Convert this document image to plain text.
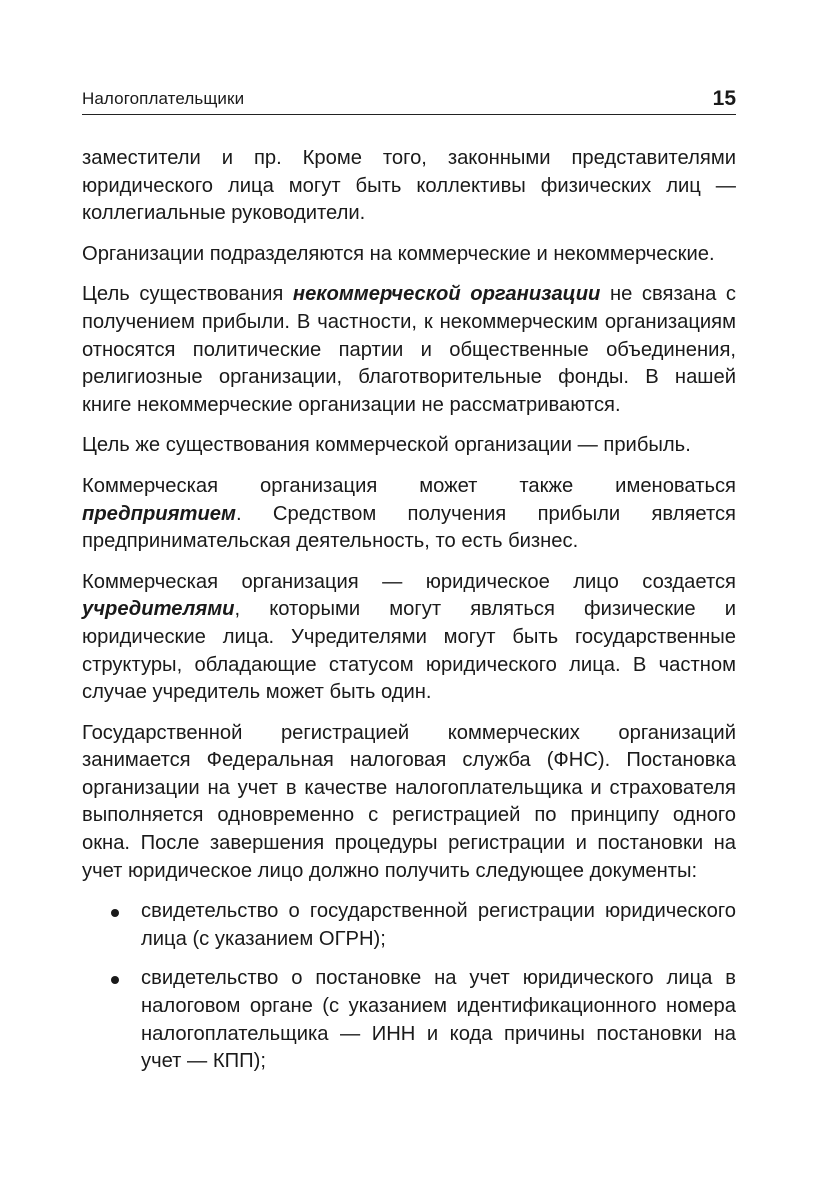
Налогоплательщики	15

заместители и пр. Кроме того, законными представителями юридического лица могут быть коллективы физических лиц — коллегиальные руководители.

Организации подразделяются на коммерческие и некоммерческие.

Цель существования некоммерческой организации не связана с получением прибыли. В частности, к некоммерческим организациям относятся политические партии и общественные объединения, религиозные организации, благотворительные фонды. В нашей книге некоммерческие организации не рассматриваются.

Цель же существования коммерческой организации — прибыль.

Коммерческая организация может также именоваться предприятием. Средством получения прибыли является предпринимательская деятельность, то есть бизнес.

Коммерческая организация — юридическое лицо создается учредителями, которыми могут являться физические и юридические лица. Учредителями могут быть государственные структуры, обладающие статусом юридического лица. В частном случае учредитель может быть один.

Государственной регистрацией коммерческих организаций занимается Федеральная налоговая служба (ФНС). Постановка организации на учет в качестве налогоплательщика и страхователя выполняется одновременно с регистрацией по принципу одного окна. После завершения процедуры регистрации и постановки на учет юридическое лицо должно получить следующее документы:

свидетельство о государственной регистрации юридического лица (с указанием ОГРН);
свидетельство о постановке на учет юридического лица в налоговом органе (с указанием идентификационного номера налогоплательщика — ИНН и кода причины постановки на учет — КПП);
